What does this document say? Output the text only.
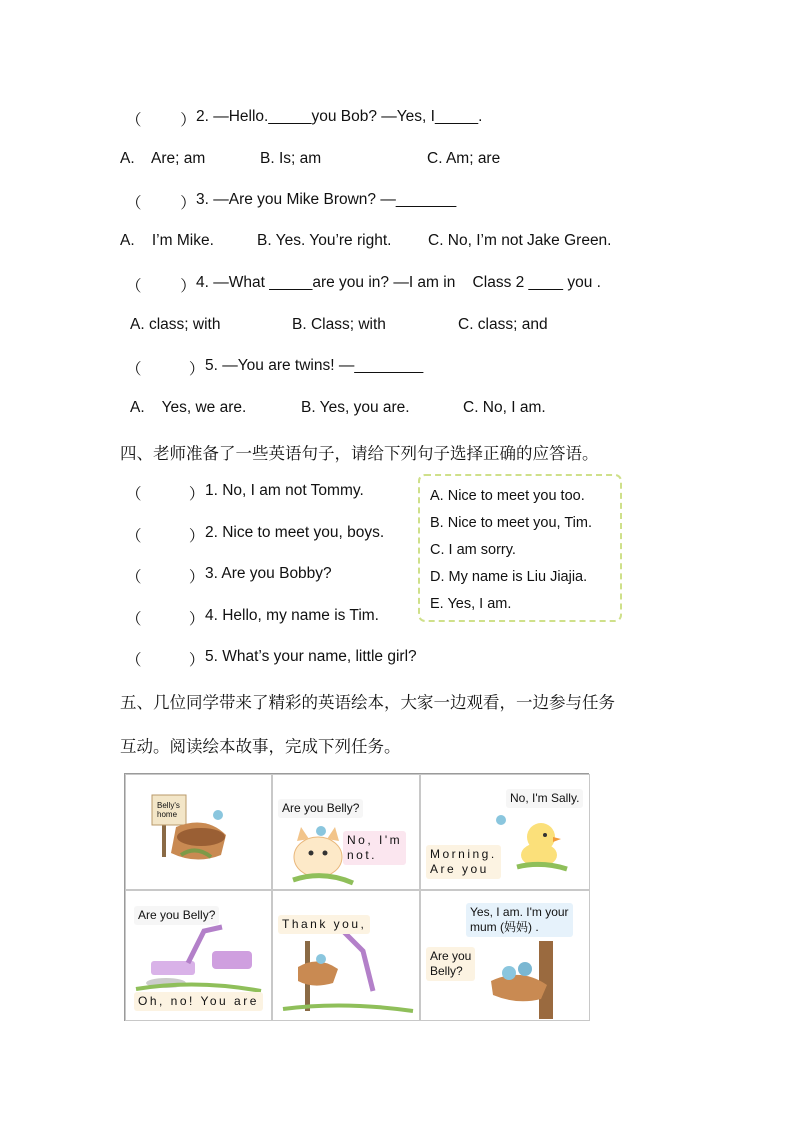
（         ） 2. —Hello._____you Bob? —Yes, I_____.
A.    Are; am	B. Is; am	C. Am; are
（         ） 3. —Are you Mike Brown? —_______
A.    I’m Mike.	B. Yes. You’re right. C. No, I’m not Jake Green.
（         ） 4. —What _____are you in? —I am in    Class 2 ____ you .
A. class; with	B. Class; with	C. class; and
（           ） 5. —You are twins! —________
A.    Yes, we are.	B. Yes, you are.	C. No, I am.
四、老师准备了一些英语句子，请给下列句子选择正确的应答语。
（           ） 1. No, I am not Tommy.
（           ） 2. Nice to meet you, boys.
（           ） 3. Are you Bobby?
（           ） 4. Hello, my name is Tim.
（           ） 5. What’s your name, little girl?
A. Nice to meet you too.
B. Nice to meet you, Tim.
C. I am sorry.
D. My name is Liu Jiajia.
E. Yes, I am.
五、几位同学带来了精彩的英语绘本，大家一边观看，一边参与任务
互动。阅读绘本故事，完成下列任务。
Belly's
home	Are you Belly?
No, I'm
not.
No, I'm Sally.
Morning.
Are you
Are you Belly?
Oh, no! You are
Thank you,
Yes, I am. I'm your
mum (妈妈) .
Are you
Belly?
